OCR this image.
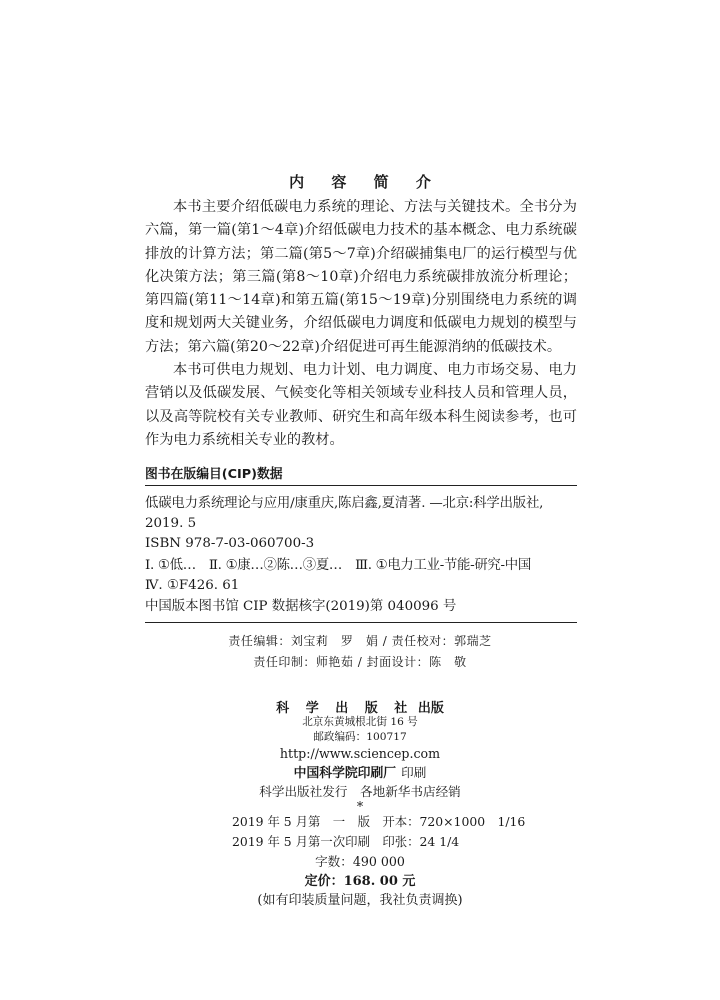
内 容 简 介

本书主要介绍低碳电力系统的理论、方法与关键技术。全书分为六篇，第一篇(第1～4章)介绍低碳电力技术的基本概念、电力系统碳排放的计算方法；第二篇(第5～7章)介绍碳捕集电厂的运行模型与优化决策方法；第三篇(第8～10章)介绍电力系统碳排放流分析理论；第四篇(第11～14章)和第五篇(第15～19章)分别围绕电力系统的调度和规划两大关键业务，介绍低碳电力调度和低碳电力规划的模型与方法；第六篇(第20～22章)介绍促进可再生能源消纳的低碳技术。

本书可供电力规划、电力计划、电力调度、电力市场交易、电力营销以及低碳发展、气候变化等相关领域专业科技人员和管理人员，以及高等院校有关专业教师、研究生和高年级本科生阅读参考，也可作为电力系统相关专业的教材。

图书在版编目(CIP)数据

低碳电力系统理论与应用/康重庆,陈启鑫,夏清著. —北京:科学出版社,

2019. 5

ISBN 978-7-03-060700-3

Ⅰ. ①低…　Ⅱ. ①康…②陈…③夏…　Ⅲ. ①电力工业-节能-研究-中国

Ⅳ. ①F426. 61

中国版本图书馆 CIP 数据核字(2019)第 040096 号

责任编辑：刘宝莉　罗　娟 / 责任校对：郭瑞芝

责任印制：师艳茹 / 封面设计：陈　敬

科 学 出 版 社 出版

北京东黄城根北街 16 号

邮政编码：100717

http://www.sciencep.com

中国科学院印刷厂 印刷

科学出版社发行　各地新华书店经销

*

2019 年 5 月第　一　版　开本：720×1000　1/16

2019 年 5 月第一次印刷　印张：24 1/4

字数：490 000

定价：168. 00 元

(如有印装质量问题，我社负责调换)
